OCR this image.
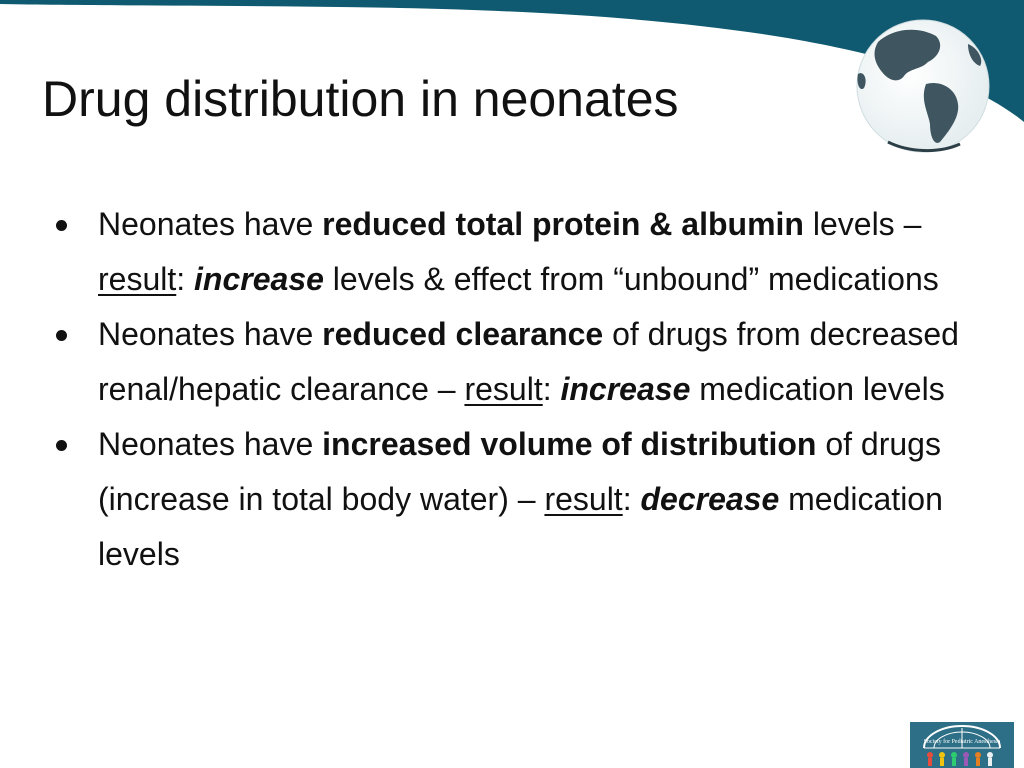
Drug distribution in neonates
Neonates have reduced total protein & albumin levels – result: increase levels & effect from “unbound” medications
Neonates have reduced clearance of drugs from decreased renal/hepatic clearance – result: increase medication levels
Neonates have increased volume of distribution of drugs (increase in total body water) – result: decrease medication levels
Society for Pediatric Anesthesia
